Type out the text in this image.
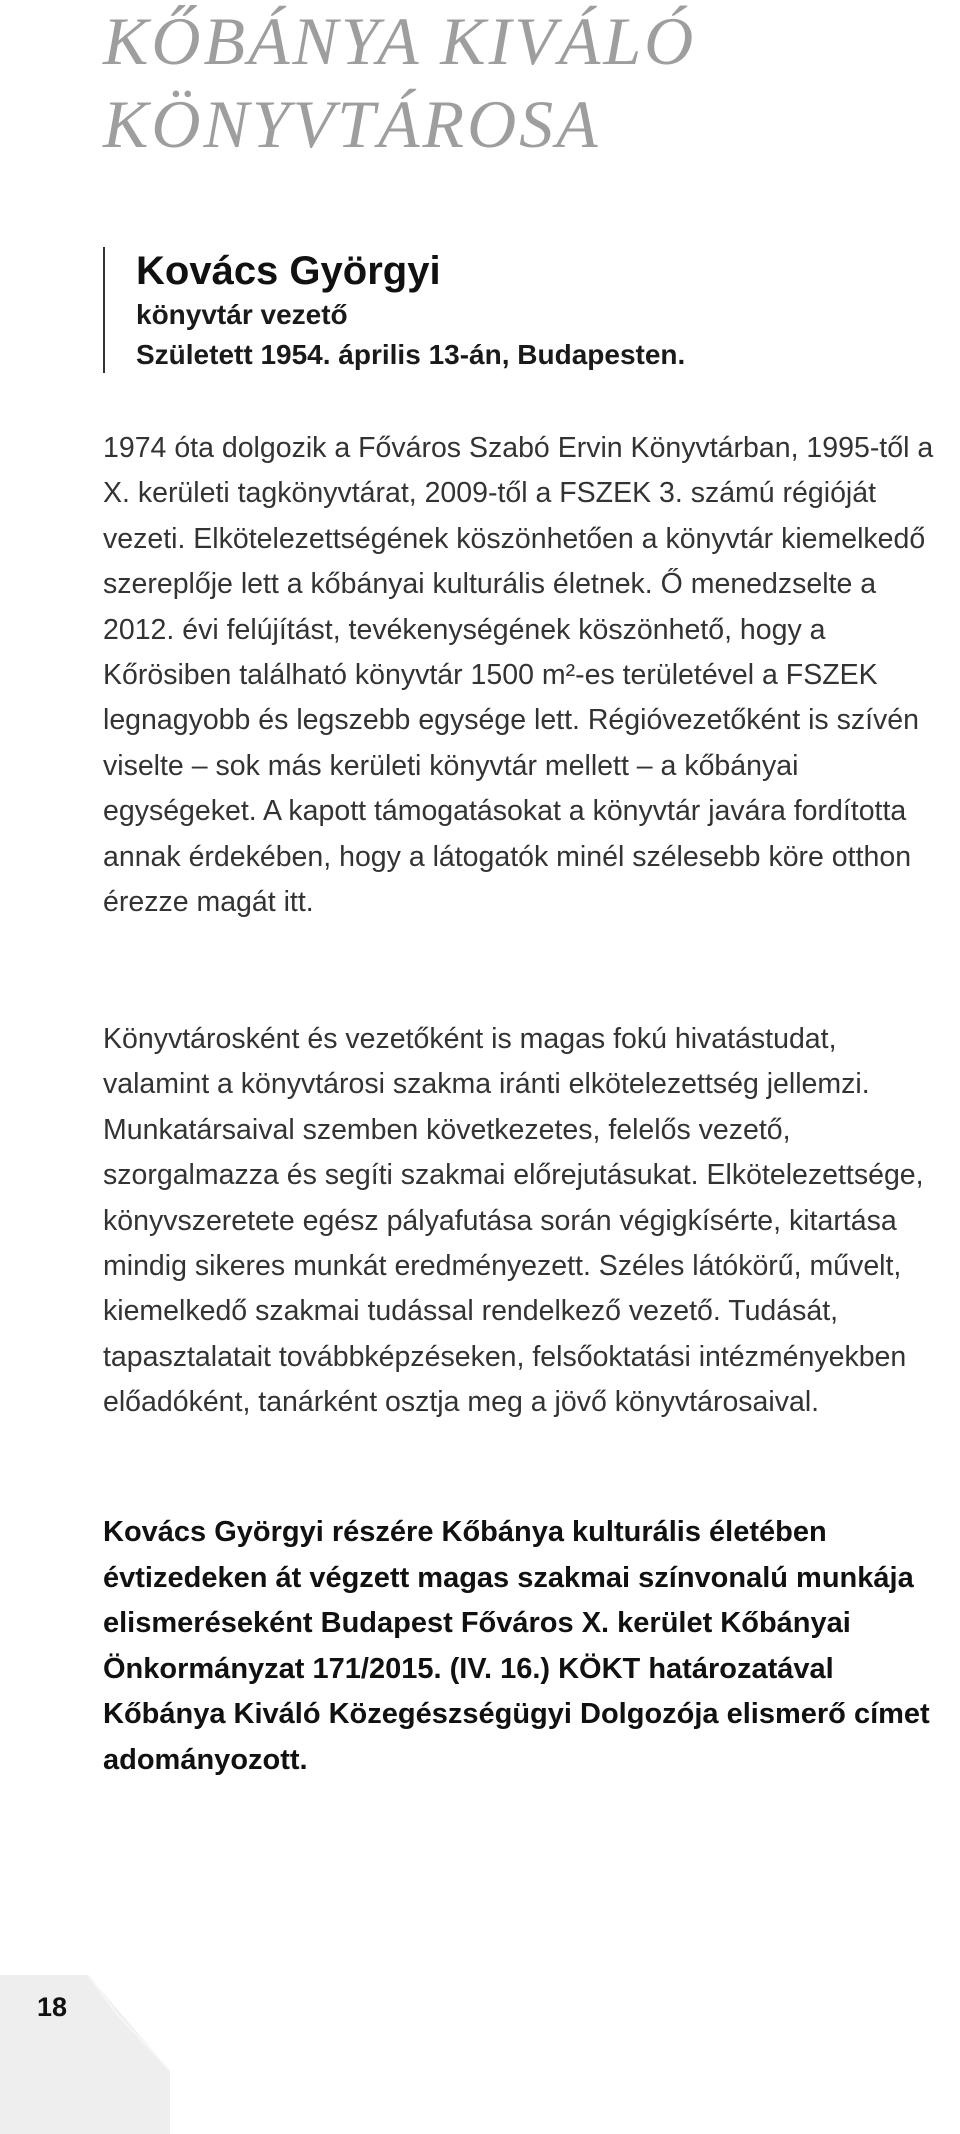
KŐBÁNYA KIVÁLÓ
KÖNYVTÁROSA

Kovács Györgyi

könyvtár vezető

Született 1954. április 13-án, Budapesten.

1974 óta dolgozik a Főváros Szabó Ervin Könyvtárban, 1995-től a X. kerületi tagkönyvtárat, 2009-től a FSZEK 3. számú régióját vezeti. Elkötelezettségének köszönhetően a könyvtár kiemelkedő szereplője lett a kőbányai kulturális életnek. Ő menedzselte a 2012. évi felújítást, tevékenységének köszönhető, hogy a Kőrösiben található könyvtár 1500 m²-es területével a FSZEK legnagyobb és legszebb egysége lett. Régióvezetőként is szívén viselte – sok más kerületi könyvtár mellett – a kőbányai egységeket. A kapott támogatásokat a könyvtár javára fordította annak érdekében, hogy a látogatók minél szélesebb köre otthon érezze magát itt.

Könyvtárosként és vezetőként is magas fokú hivatástudat, valamint a könyvtárosi szakma iránti elkötelezettség jellemzi. Munkatársaival szemben következetes, felelős vezető, szorgalmazza és segíti szakmai előrejutásukat. Elkötelezettsége, könyvszeretete egész pályafutása során végigkísérte, kitartása mindig sikeres munkát eredményezett. Széles látókörű, művelt, kiemelkedő szakmai tudással rendelkező vezető. Tudását, tapasztalatait továbbképzéseken, felsőoktatási intézményekben előadóként, tanárként osztja meg a jövő könyvtárosaival.

Kovács Györgyi részére Kőbánya kulturális életében évtizedeken át végzett magas szakmai színvonalú munkája elismeréseként Budapest Főváros X. kerület Kőbányai Önkormányzat 171/2015. (IV. 16.) KÖKT határozatával Kőbánya Kiváló Közegészségügyi Dolgozója elismerő címet adományozott.

18
